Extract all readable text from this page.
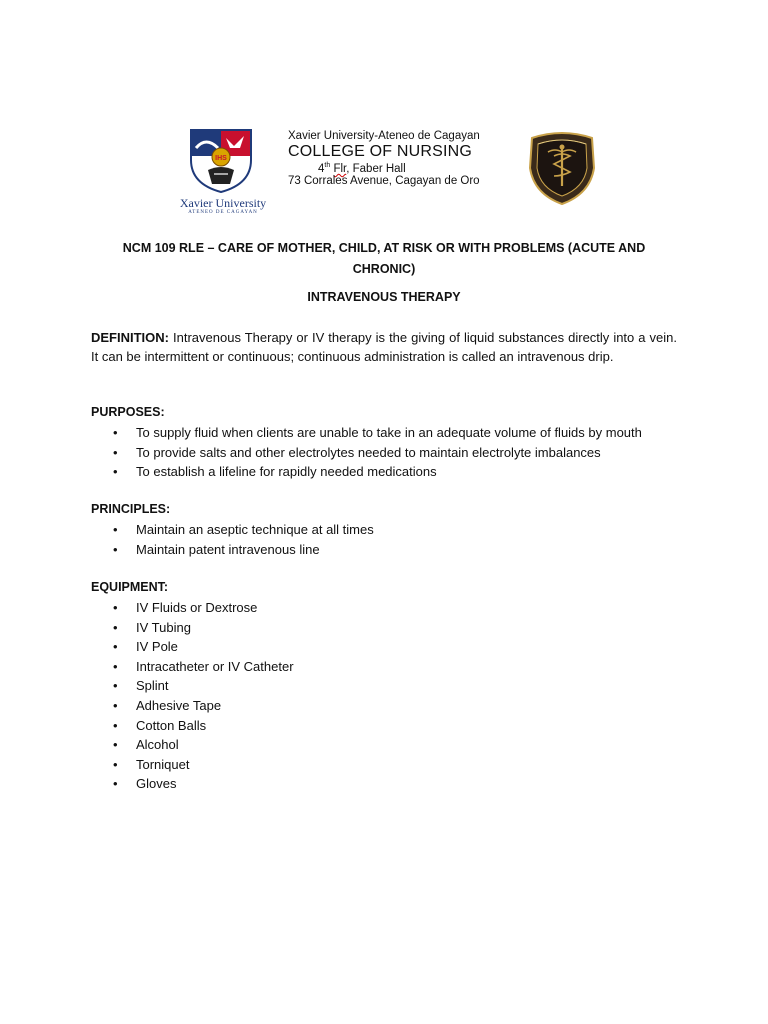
IHS
Xavier University
ATENEO DE CAGAYAN
Xavier University-Ateneo de Cagayan
COLLEGE OF NURSING
4th Flr, Faber Hall
73 Corrales Avenue, Cagayan de Oro
NCM 109 RLE – CARE OF MOTHER, CHILD, AT RISK OR WITH PROBLEMS (ACUTE AND CHRONIC)
INTRAVENOUS THERAPY
DEFINITION: Intravenous Therapy or IV therapy is the giving of liquid substances directly into a vein. It can be intermittent or continuous; continuous administration is called an intravenous drip.
PURPOSES:
• To supply fluid when clients are unable to take in an adequate volume of fluids by mouth
• To provide salts and other electrolytes needed to maintain electrolyte imbalances
• To establish a lifeline for rapidly needed medications
PRINCIPLES:
• Maintain an aseptic technique at all times
• Maintain patent intravenous line
EQUIPMENT:
• IV Fluids or Dextrose
• IV Tubing
• IV Pole
• Intracatheter or IV Catheter
• Splint
• Adhesive Tape
• Cotton Balls
• Alcohol
• Torniquet
• Gloves
